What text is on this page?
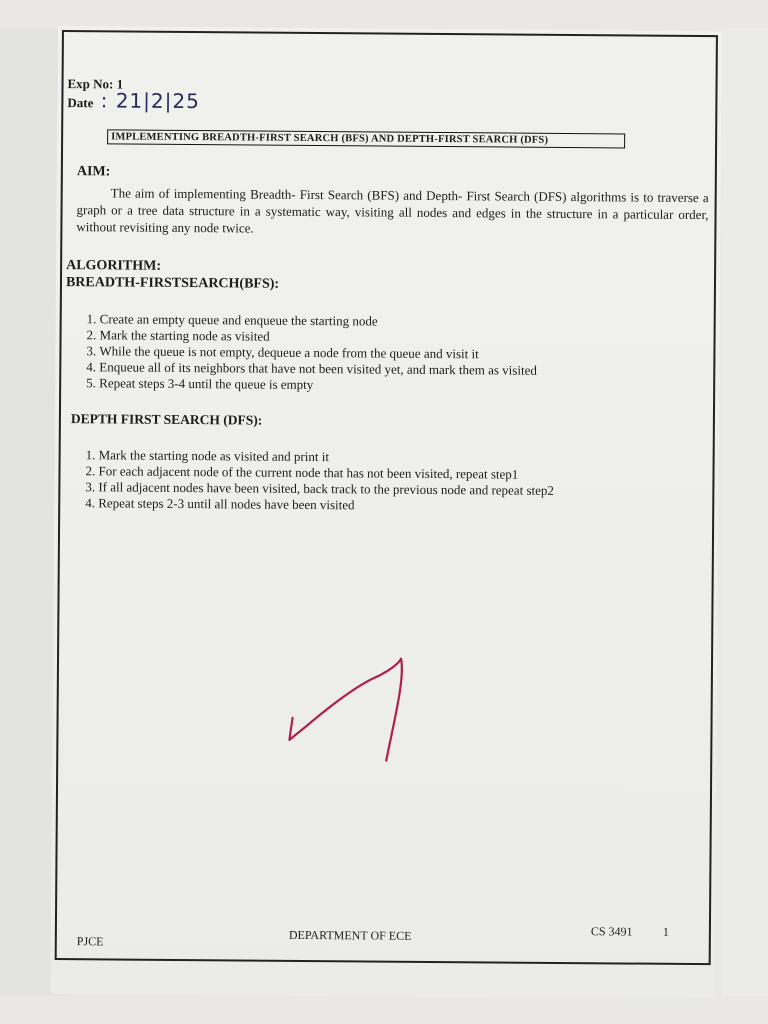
Exp No: 1
Date : 21|2|25
IMPLEMENTING BREADTH-FIRST SEARCH (BFS) AND DEPTH-FIRST SEARCH (DFS)
AIM:
The aim of implementing Breadth- First Search (BFS) and Depth- First Search (DFS) algorithms is to traverse a graph or a tree data structure in a systematic way, visiting all nodes and edges in the structure in a particular order, without revisiting any node twice.
ALGORITHM:
BREADTH-FIRSTSEARCH(BFS):
1. Create an empty queue and enqueue the starting node
2. Mark the starting node as visited
3. While the queue is not empty, dequeue a node from the queue and visit it
4. Enqueue all of its neighbors that have not been visited yet, and mark them as visited
5. Repeat steps 3-4 until the queue is empty
DEPTH FIRST SEARCH (DFS):
1. Mark the starting node as visited and print it
2. For each adjacent node of the current node that has not been visited, repeat step1
3. If all adjacent nodes have been visited, back track to the previous node and repeat step2
4. Repeat steps 2-3 until all nodes have been visited
PJCE	DEPARTMENT OF ECE	CS 3491	1
